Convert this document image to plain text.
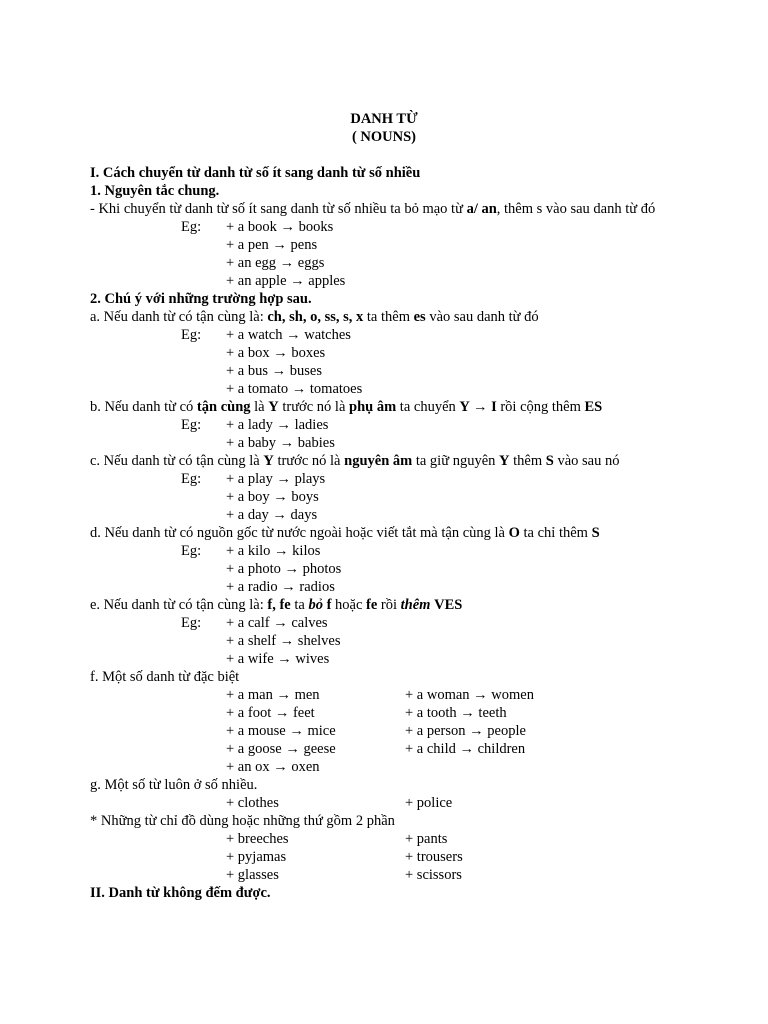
DANH TỪ
( NOUNS)
I. Cách chuyển từ danh từ số ít sang danh từ số nhiều
1. Nguyên tắc chung.
- Khi chuyển từ danh từ số ít sang danh từ số nhiều ta bỏ mạo từ a/ an, thêm s vào sau danh từ đó
Eg: + a book → books
+ a pen → pens
+ an egg → eggs
+ an apple → apples
2. Chú ý với những trường hợp sau.
a. Nếu danh từ có tận cùng là: ch, sh, o, ss, s, x ta thêm es vào sau danh từ đó
Eg: + a watch → watches
+ a box → boxes
+ a bus → buses
+ a tomato → tomatoes
b. Nếu danh từ có tận cùng là Y trước nó là phụ âm ta chuyển Y → I rồi cộng thêm ES
Eg: + a lady → ladies
+ a baby → babies
c. Nếu danh từ có tận cùng là Y trước nó là nguyên âm ta giữ nguyên Y thêm S vào sau nó
Eg: + a play → plays
+ a boy → boys
+ a day → days
d. Nếu danh từ có nguồn gốc từ nước ngoài hoặc viết tắt mà tận cùng là O ta chỉ thêm S
Eg: + a kilo → kilos
+ a photo → photos
+ a radio → radios
e. Nếu danh từ có tận cùng là: f, fe ta bỏ f hoặc fe rồi thêm VES
Eg: + a calf → calves
+ a shelf → shelves
+ a wife → wives
f. Một số danh từ đặc biệt
+ a man → men	+ a woman → women
+ a foot → feet	+ a tooth → teeth
+ a mouse → mice	+ a person → people
+ a goose → geese	+ a child → children
+ an ox → oxen
g. Một số từ luôn ở số nhiều.
+ clothes	+ police
* Những từ chỉ đồ dùng hoặc những thứ gồm 2 phần
+ breeches	+ pants
+ pyjamas	+ trousers
+ glasses	+ scissors
II. Danh từ không đếm được.
